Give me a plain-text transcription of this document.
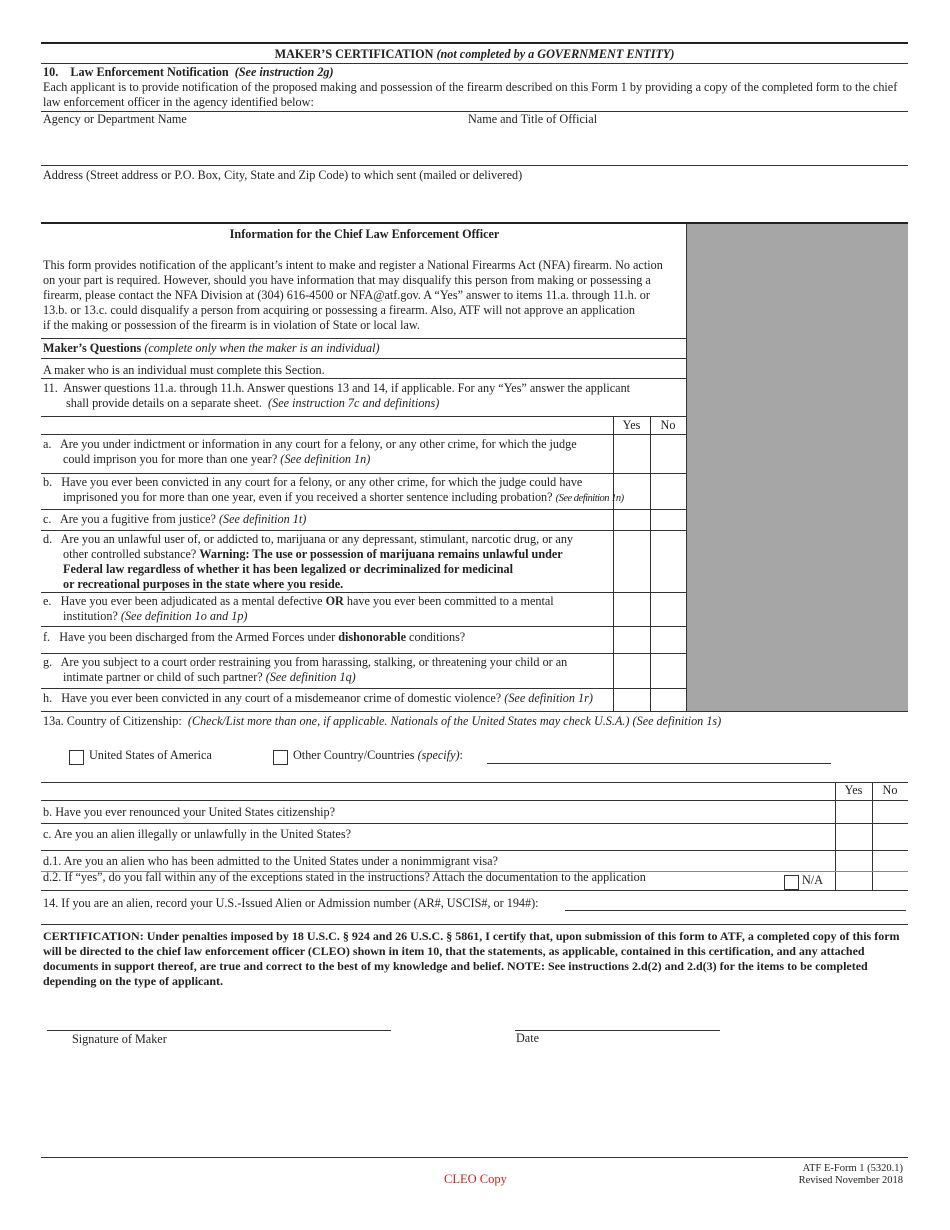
MAKER’S CERTIFICATION (not completed by a GOVERNMENT ENTITY)
10. Law Enforcement Notification (See instruction 2g)
Each applicant is to provide notification of the proposed making and possession of the firearm described on this Form 1 by providing a copy of the completed form to the chief law enforcement officer in the agency identified below:
Agency or Department Name	Name and Title of Official
Address (Street address or P.O. Box, City, State and Zip Code) to which sent (mailed or delivered)
Information for the Chief Law Enforcement Officer
This form provides notification of the applicant’s intent to make and register a National Firearms Act (NFA) firearm. No action
on your part is required. However, should you have information that may disqualify this person from making or possessing a
firearm, please contact the NFA Division at (304) 616-4500 or NFA@atf.gov. A “Yes” answer to items 11.a. through 11.h. or
13.b. or 13.c. could disqualify a person from acquiring or possessing a firearm. Also, ATF will not approve an application
if the making or possession of the firearm is in violation of State or local law.
Maker’s Questions (complete only when the maker is an individual)
A maker who is an individual must complete this Section.
11. Answer questions 11.a. through 11.h. Answer questions 13 and 14, if applicable. For any “Yes” answer the applicant
shall provide details on a separate sheet. (See instruction 7c and definitions)
Yes	No
a. Are you under indictment or information in any court for a felony, or any other crime, for which the judge
could imprison you for more than one year? (See definition 1n)
b. Have you ever been convicted in any court for a felony, or any other crime, for which the judge could have
imprisoned you for more than one year, even if you received a shorter sentence including probation? (See definition 1n)
c. Are you a fugitive from justice? (See definition 1t)
d. Are you an unlawful user of, or addicted to, marijuana or any depressant, stimulant, narcotic drug, or any
other controlled substance? Warning: The use or possession of marijuana remains unlawful under
Federal law regardless of whether it has been legalized or decriminalized for medicinal
or recreational purposes in the state where you reside.
e. Have you ever been adjudicated as a mental defective OR have you ever been committed to a mental
institution? (See definition 1o and 1p)
f. Have you been discharged from the Armed Forces under dishonorable conditions?
g. Are you subject to a court order restraining you from harassing, stalking, or threatening your child or an
intimate partner or child of such partner? (See definition 1q)
h. Have you ever been convicted in any court of a misdemeanor crime of domestic violence? (See definition 1r)
13a. Country of Citizenship: (Check/List more than one, if applicable. Nationals of the United States may check U.S.A.) (See definition 1s)
United States of America	Other Country/Countries (specify):
Yes	No
b. Have you ever renounced your United States citizenship?
c. Are you an alien illegally or unlawfully in the United States?
d.1. Are you an alien who has been admitted to the United States under a nonimmigrant visa?
d.2. If “yes”, do you fall within any of the exceptions stated in the instructions? Attach the documentation to the application	N/A
14. If you are an alien, record your U.S.-Issued Alien or Admission number (AR#, USCIS#, or 194#):
CERTIFICATION: Under penalties imposed by 18 U.S.C. § 924 and 26 U.S.C. § 5861, I certify that, upon submission of this form to ATF, a completed copy of this form will be directed to the chief law enforcement officer (CLEO) shown in item 10, that the statements, as applicable, contained in this certification, and any attached documents in support thereof, are true and correct to the best of my knowledge and belief. NOTE: See instructions 2.d(2) and 2.d(3) for the items to be completed depending on the type of applicant.
Signature of Maker	Date
CLEO Copy
ATF E-Form 1 (5320.1)
Revised November 2018
